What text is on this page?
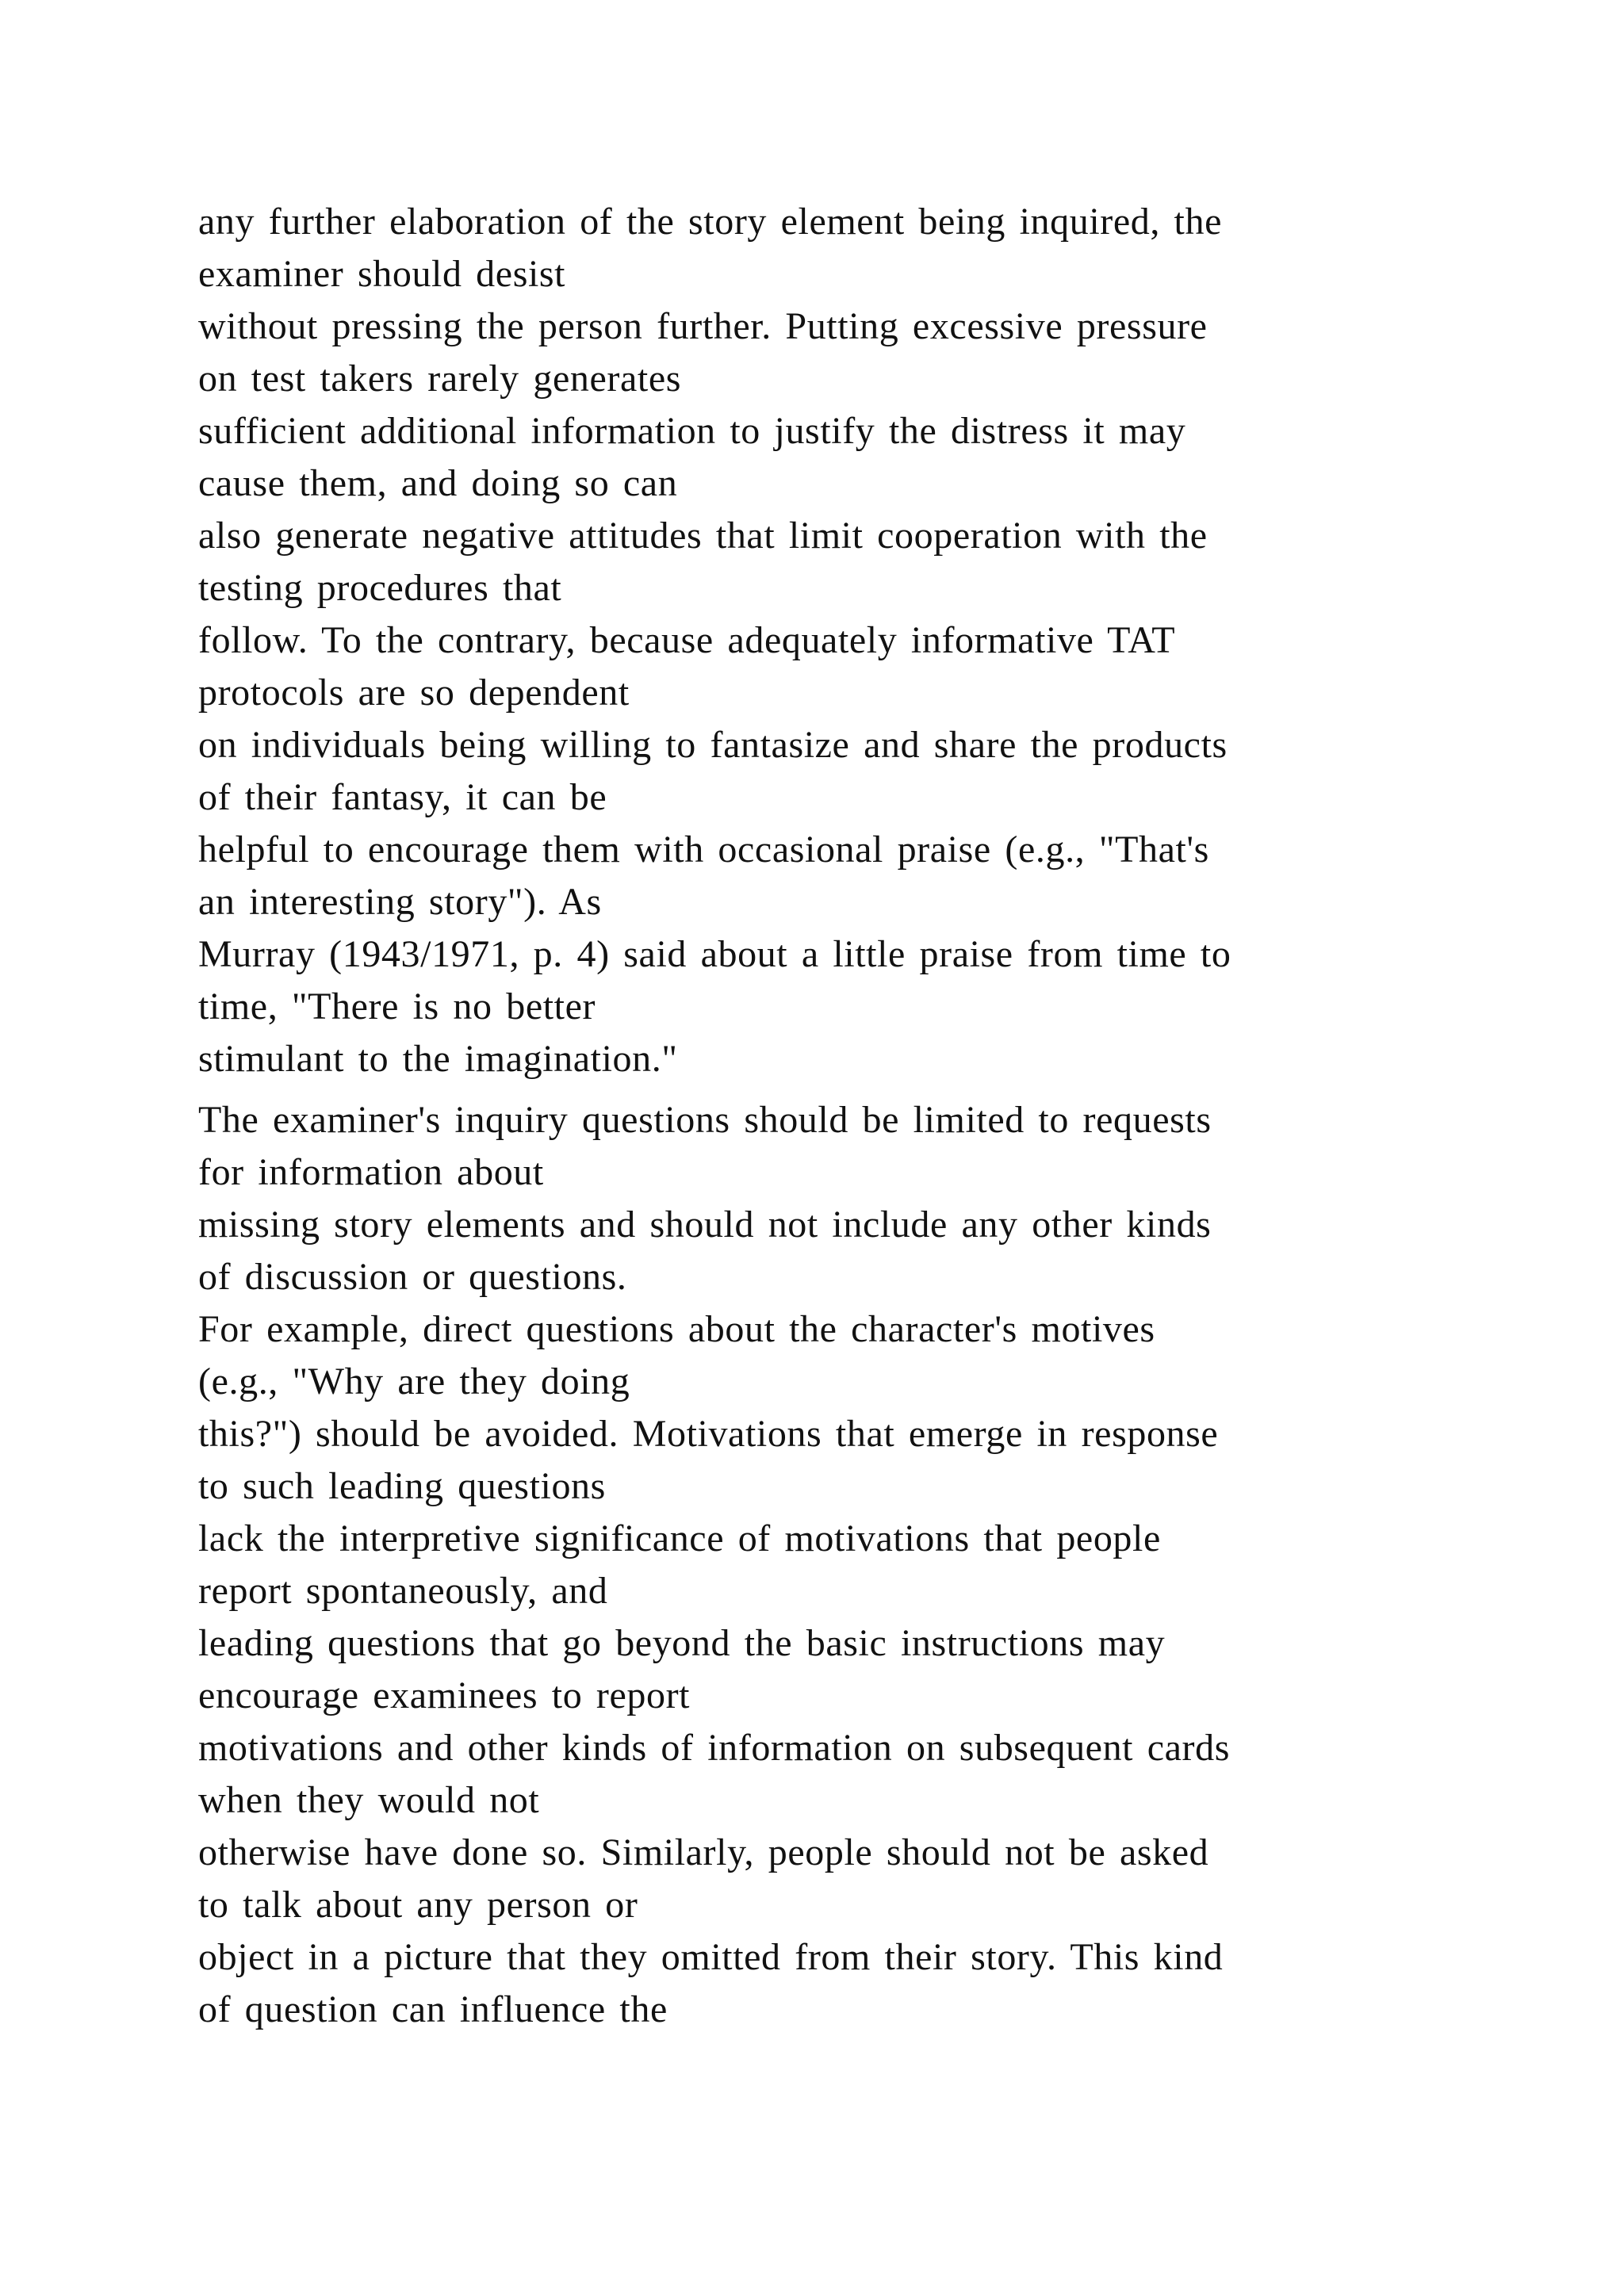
any further elaboration of the story element being inquired, the
examiner should desist
without pressing the person further. Putting excessive pressure
on test takers rarely generates
sufficient additional information to justify the distress it may
cause them, and doing so can
also generate negative attitudes that limit cooperation with the
testing procedures that
follow. To the contrary, because adequately informative TAT
protocols are so dependent
on individuals being willing to fantasize and share the products
of their fantasy, it can be
helpful to encourage them with occasional praise (e.g., "That's
an interesting story"). As
Murray (1943/1971, p. 4) said about a little praise from time to
time, "There is no better
stimulant to the imagination."
The examiner's inquiry questions should be limited to requests
for information about
missing story elements and should not include any other kinds
of discussion or questions.
For example, direct questions about the character's motives
(e.g., "Why are they doing
this?") should be avoided. Motivations that emerge in response
to such leading questions
lack the interpretive significance of motivations that people
report spontaneously, and
leading questions that go beyond the basic instructions may
encourage examinees to report
motivations and other kinds of information on subsequent cards
when they would not
otherwise have done so. Similarly, people should not be asked
to talk about any person or
object in a picture that they omitted from their story. This kind
of question can influence the
